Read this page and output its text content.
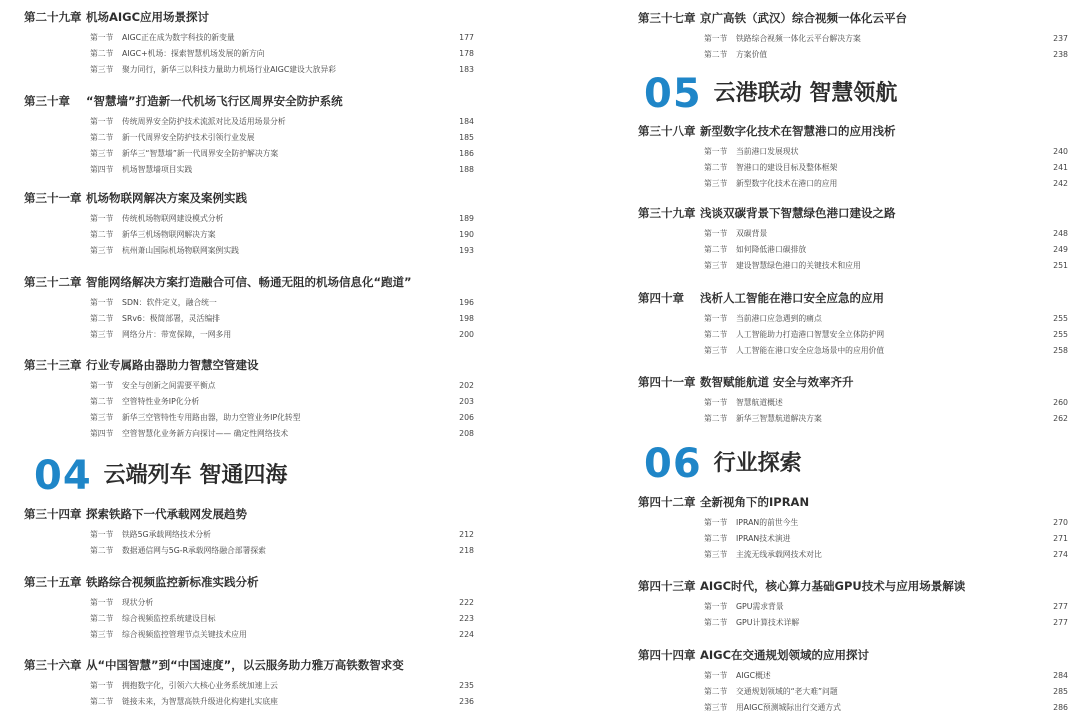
第二十九章 机场AIGC应用场景探讨
第一节	AIGC正在成为数字科技的新变量	177
第二节	AIGC+机场：探索智慧机场发展的新方向	178
第三节	聚力同行，新华三以科技力量助力机场行业AIGC建设大放异彩	183
第三十章	“智慧墙”打造新一代机场飞行区周界安全防护系统
第一节	传统周界安全防护技术流派对比及适用场景分析	184
第二节	新一代周界安全防护技术引领行业发展	185
第三节	新华三“智慧墙”新一代周界安全防护解决方案	186
第四节	机场智慧墙项目实践	188
第三十一章 机场物联网解决方案及案例实践
第一节	传统机场物联网建设模式分析	189
第二节	新华三机场物联网解决方案	190
第三节	杭州萧山国际机场物联网案例实践	193
第三十二章 智能网络解决方案打造融合可信、畅通无阻的机场信息化“跑道”
第一节	SDN：软件定义，融合统一	196
第二节	SRv6：极简部署，灵活编排	198
第三节	网络分片：带宽保障，一网多用	200
第三十三章 行业专属路由器助力智慧空管建设
第一节	安全与创新之间需要平衡点	202
第二节	空管特性业务IP化分析	203
第三节	新华三空管特性专用路由器，助力空管业务IP化转型	206
第四节	空管智慧化业务新方向探讨—— 确定性网络技术	208
04 云端列车 智通四海
第三十四章 探索铁路下一代承载网发展趋势
第一节	铁路5G承载网络技术分析	212
第二节	数据通信网与5G-R承载网络融合部署探索	218
第三十五章 铁路综合视频监控新标准实践分析
第一节	现状分析	222
第二节	综合视频监控系统建设目标	223
第三节	综合视频监控管理节点关键技术应用	224
第三十六章 从“中国智慧”到“中国速度”，以云服务助力雅万高铁数智求变
第一节	拥抱数字化，引领六大核心业务系统加速上云	235
第二节	链接未来，为智慧高铁升级进化构建扎实底座	236
第三十七章 京广高铁（武汉）综合视频一体化云平台
第一节	铁路综合视频一体化云平台解决方案	237
第二节	方案价值	238
05 云港联动 智慧领航
第三十八章 新型数字化技术在智慧港口的应用浅析
第一节	当前港口发展现状	240
第二节	智港口的建设目标及整体框架	241
第三节	新型数字化技术在港口的应用	242
第三十九章 浅谈双碳背景下智慧绿色港口建设之路
第一节	双碳背景	248
第二节	如何降低港口碳排放	249
第三节	建设智慧绿色港口的关键技术和应用	251
第四十章	浅析人工智能在港口安全应急的应用
第一节	当前港口应急遇到的痛点	255
第二节	人工智能助力打造港口智慧安全立体防护网	255
第三节	人工智能在港口安全应急场景中的应用价值	258
第四十一章 数智赋能航道 安全与效率齐升
第一节	智慧航道概述	260
第二节	新华三智慧航道解决方案	262
06 行业探索
第四十二章 全新视角下的IPRAN
第一节	IPRAN的前世今生	270
第二节	IPRAN技术演进	271
第三节	主流无线承载网技术对比	274
第四十三章 AIGC时代，核心算力基础GPU技术与应用场景解读
第一节	GPU需求背景	277
第二节	GPU计算技术详解	277
第四十四章 AIGC在交通规划领域的应用探讨
第一节	AIGC概述	284
第二节	交通规划领域的“老大难”问题	285
第三节	用AIGC预测城际出行交通方式	286
